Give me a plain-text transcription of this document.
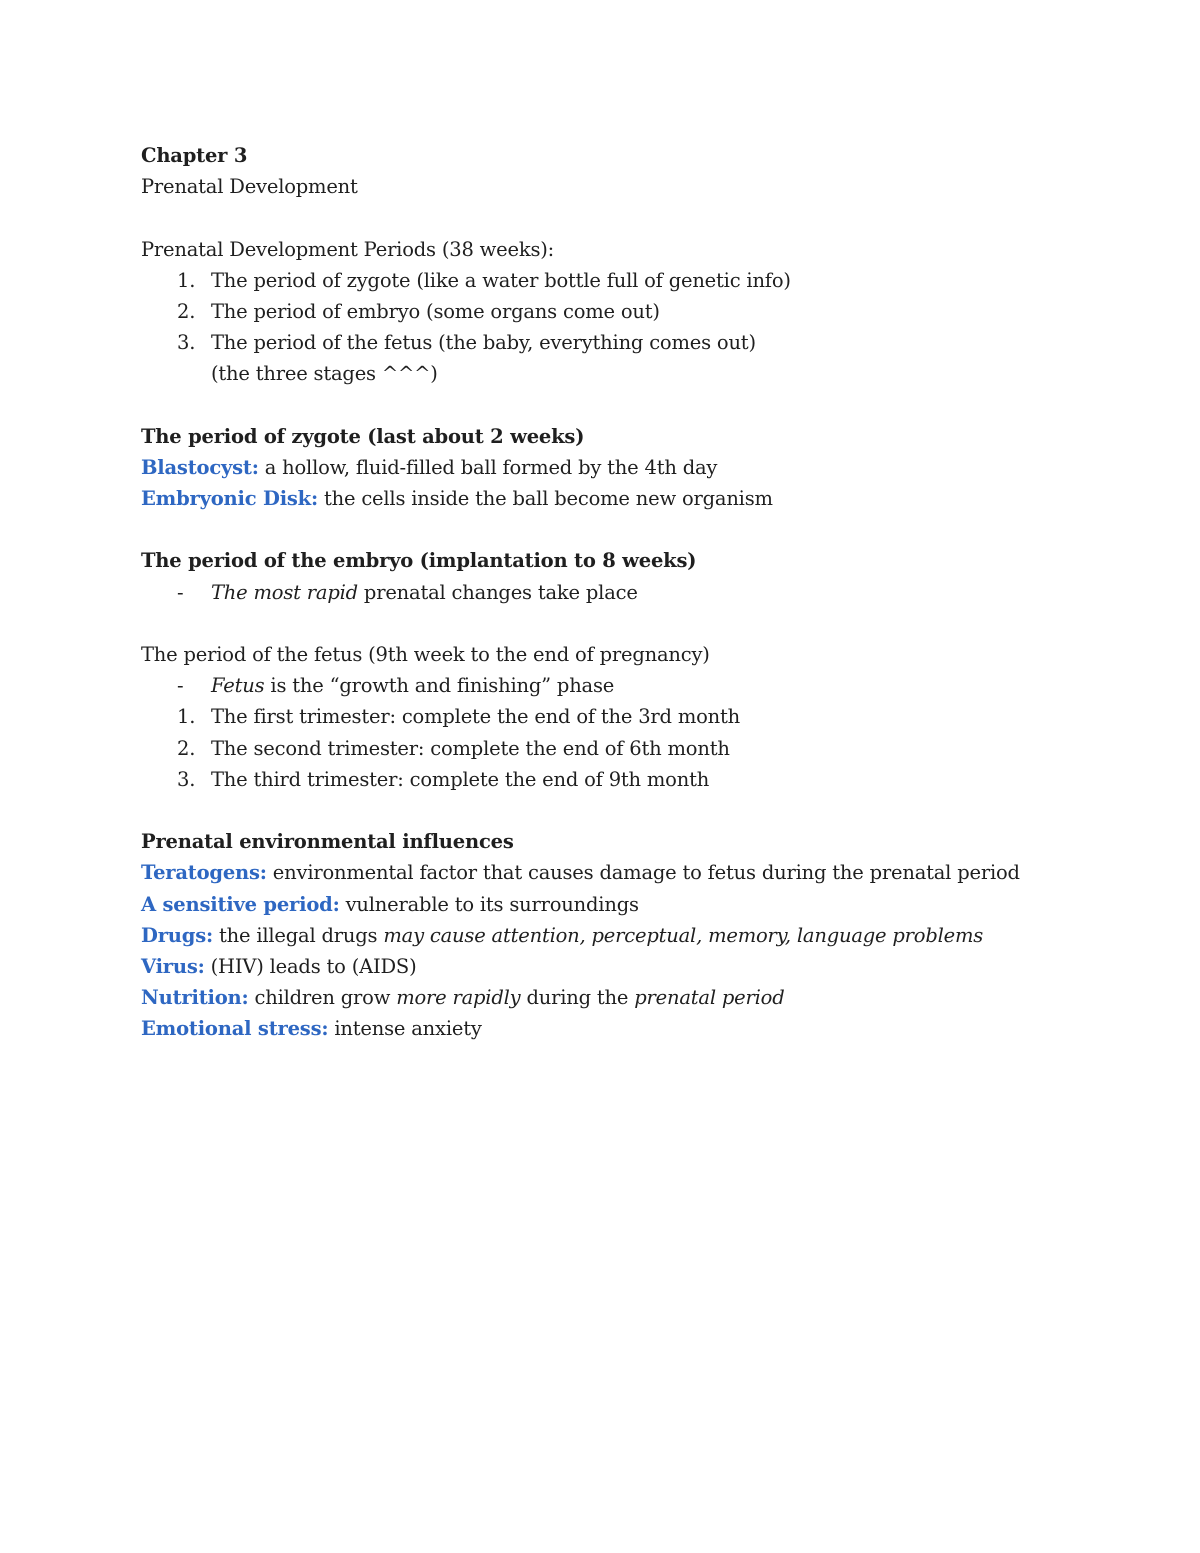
Chapter 3
Prenatal Development
Prenatal Development Periods (38 weeks):
1. The period of zygote (like a water bottle full of genetic info)
2. The period of embryo (some organs come out)
3. The period of the fetus (the baby, everything comes out)
(the three stages ^^^)
The period of zygote (last about 2 weeks)
Blastocyst: a hollow, fluid-filled ball formed by the 4th day
Embryonic Disk: the cells inside the ball become new organism
The period of the embryo (implantation to 8 weeks)
- The most rapid prenatal changes take place
The period of the fetus (9th week to the end of pregnancy)
- Fetus is the “growth and finishing” phase
1. The first trimester: complete the end of the 3rd month
2. The second trimester: complete the end of 6th month
3. The third trimester: complete the end of 9th month
Prenatal environmental influences
Teratogens: environmental factor that causes damage to fetus during the prenatal period
A sensitive period: vulnerable to its surroundings
Drugs: the illegal drugs may cause attention, perceptual, memory, language problems
Virus: (HIV) leads to (AIDS)
Nutrition: children grow more rapidly during the prenatal period
Emotional stress: intense anxiety
